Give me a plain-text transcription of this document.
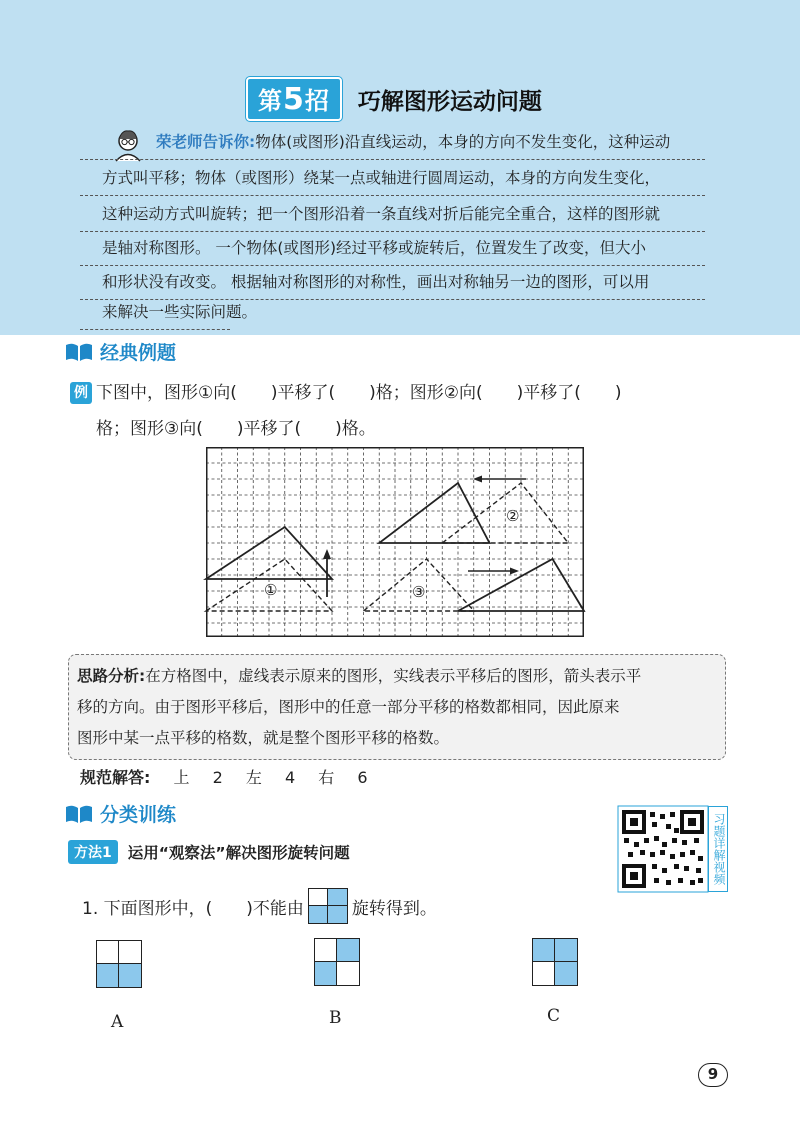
第5招	巧解图形运动问题
荣老师告诉你:物体(或图形)沿直线运动，本身的方向不发生变化，这种运动
方式叫平移；物体（或图形）绕某一点或轴进行圆周运动，本身的方向发生变化，
这种运动方式叫旋转；把一个图形沿着一条直线对折后能完全重合，这样的图形就
是轴对称图形。 一个物体(或图形)经过平移或旋转后，位置发生了改变，但大小
和形状没有改变。 根据轴对称图形的对称性，画出对称轴另一边的图形，可以用
来解决一些实际问题。
经典例题
例 下图中，图形①向(　　)平移了(　　)格；图形②向(　　)平移了(　　)
格；图形③向(　　)平移了(　　)格。
①
②
③

思路分析:在方格图中，虚线表示原来的图形，实线表示平移后的图形，箭头表示平

移的方向。由于图形平移后，图形中的任意一部分平移的格数都相同，因此原来

图形中某一点平移的格数，就是整个图形平移的格数。

规范解答: 上 2 左 4 右 6
分类训练
方法1	运用“观察法”解决图形旋转问题	习题详解视频
1. 下面图形中，(　　)不能由	旋转得到。
A	B	C
9
